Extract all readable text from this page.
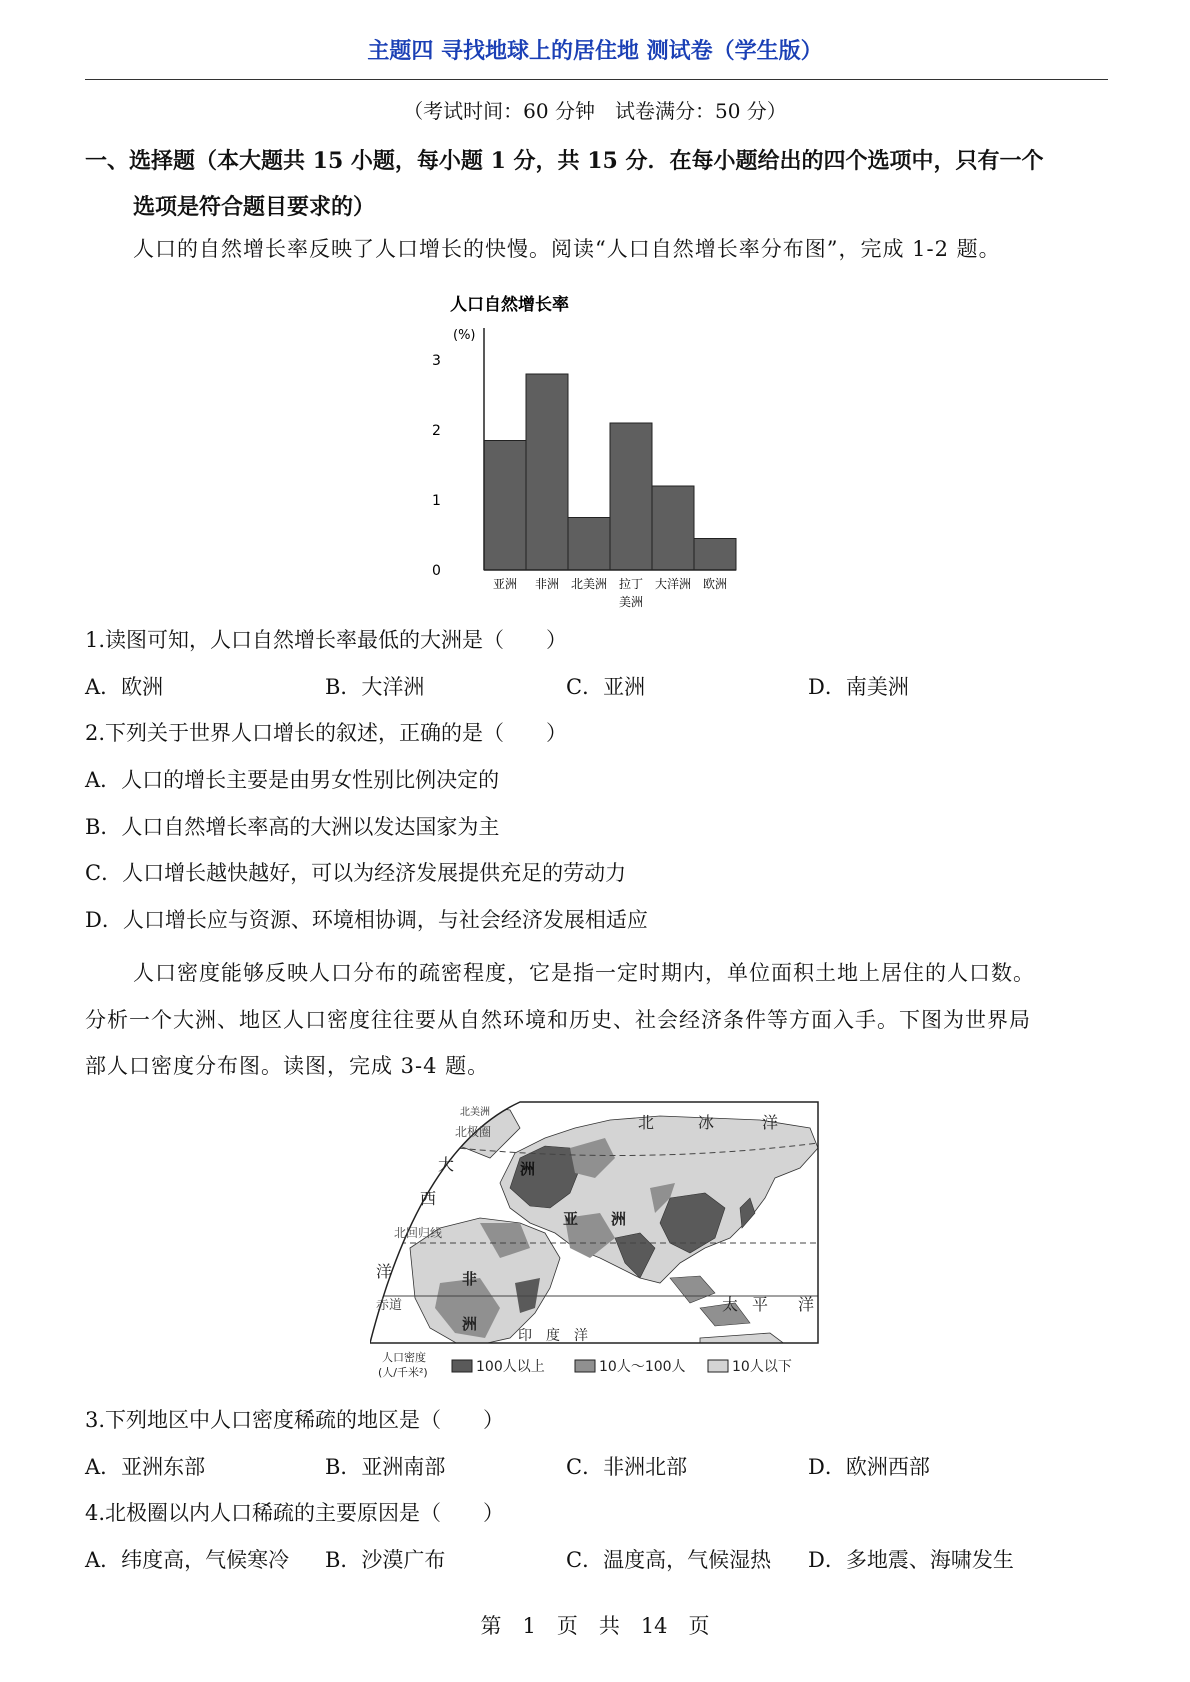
主题四 寻找地球上的居住地 测试卷（学生版）
（考试时间：60 分钟　试卷满分：50 分）
一、选择题（本大题共 15 小题，每小题 1 分，共 15 分．在每小题给出的四个选项中，只有一个
选项是符合题目要求的）
人口的自然增长率反映了人口增长的快慢。阅读“人口自然增长率分布图”，完成 1-2 题。
人口自然增长率
(%)
0
1
2
3
亚洲 非洲 北美洲 拉丁
美洲
大洋洲 欧洲
1.读图可知，人口自然增长率最低的大洲是（　　）
A．欧洲	B．大洋洲	C．亚洲	D．南美洲
2.下列关于世界人口增长的叙述，正确的是（　　）
A．人口的增长主要是由男女性别比例决定的
B．人口自然增长率高的大洲以发达国家为主
C．人口增长越快越好，可以为经济发展提供充足的劳动力
D．人口增长应与资源、环境相协调，与社会经济发展相适应
人口密度能够反映人口分布的疏密程度，它是指一定时期内，单位面积土地上居住的人口数。
分析一个大洲、地区人口密度往往要从自然环境和历史、社会经济条件等方面入手。下图为世界局
部人口密度分布图。读图，完成 3-4 题。
北美洲
北极圈	北	冰	洋
大
西
洋
欧 洲
亚 洲
北回归线
非
洲
赤道
印　度　洋
太 平 洋
人口密度
(人/千米²)	100人以上	10人～100人	10人以下
3.下列地区中人口密度稀疏的地区是（　　）
A．亚洲东部	B．亚洲南部	C．非洲北部	D．欧洲西部
4.北极圈以内人口稀疏的主要原因是（　　）
A．纬度高，气候寒冷 B．沙漠广布	C．温度高，气候湿热 D．多地震、海啸发生
第　1　页　共　14　页
